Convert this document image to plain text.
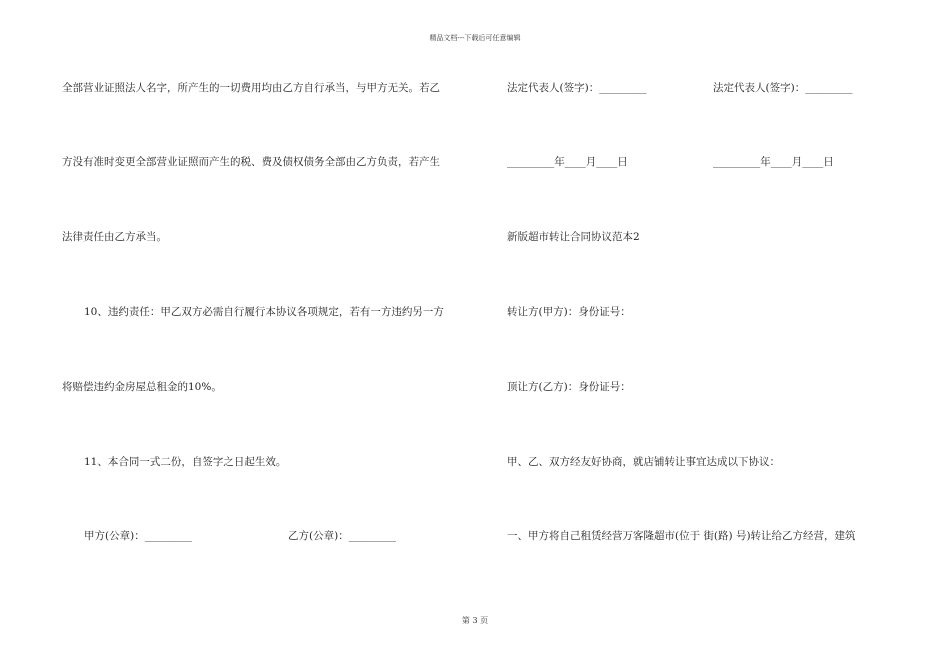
精品文档---下载后可任意编辑
全部营业证照法人名字，所产生的一切费用均由乙方自行承当，与甲方无关。若乙
方没有准时变更全部营业证照而产生的税、费及债权债务全部由乙方负责，若产生
法律责任由乙方承当。
10、违约责任：甲乙双方必需自行履行本协议各项规定，若有一方违约另一方
将赔偿违约金房屋总租金的10%。
11、本合同一式二份，自签字之日起生效。
甲方(公章)：_________	乙方(公章)：_________
法定代表人(签字)：_________	法定代表人(签字)：_________
_________年____月____日	_________年____月____日
新版超市转让合同协议范本2
转让方(甲方)：身份证号：
顶让方(乙方)：身份证号：
甲、乙、双方经友好协商，就店铺转让事宜达成以下协议：
一、甲方将自己租赁经营万客隆超市(位于 街(路) 号)转让给乙方经营，建筑
第 3 页
